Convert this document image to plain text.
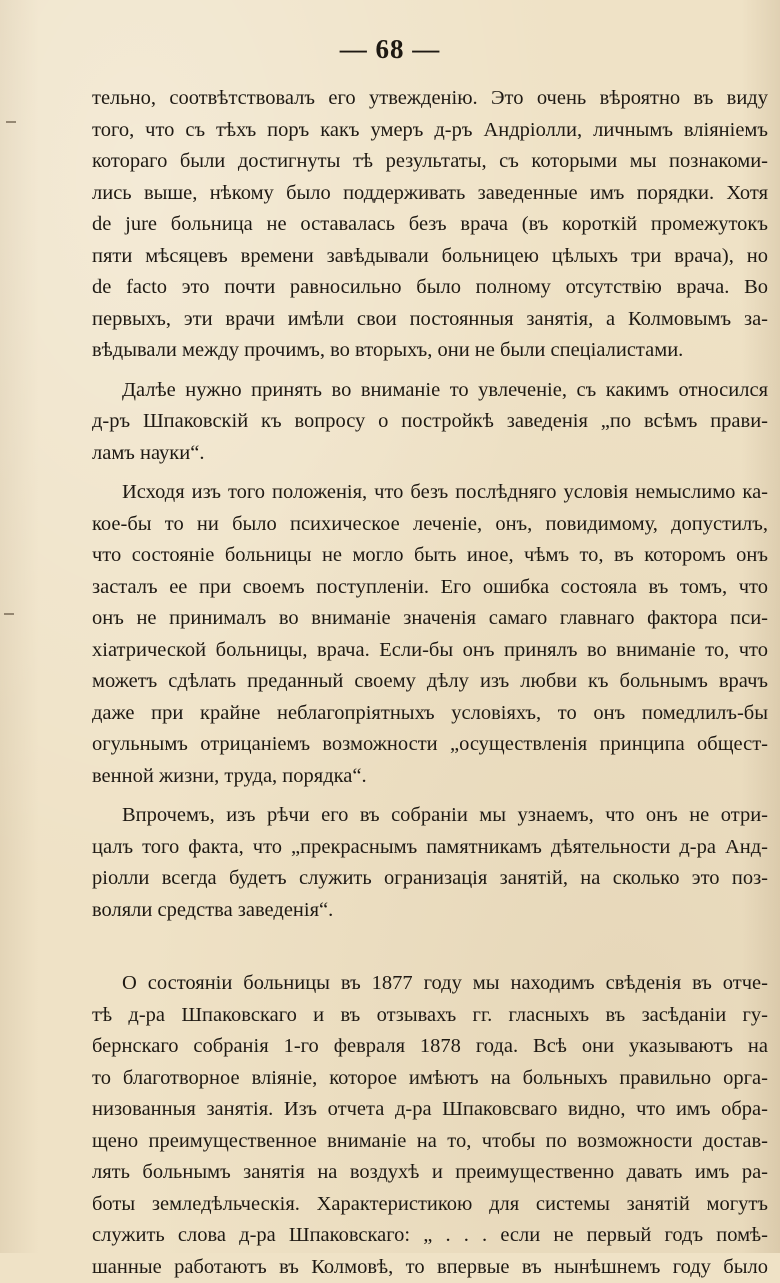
— 68 —

тельно, соотвѣтствовалъ его утвежденію. Это очень вѣроятно въ виду
того, что съ тѣхъ поръ какъ умеръ д-ръ Андріолли, личнымъ вліяніемъ
котораго были достигнуты тѣ результаты, съ которыми мы познакоми-
лись выше, нѣкому было поддерживать заведенные имъ порядки. Хотя
de jure больница не оставалась безъ врача (въ короткій промежутокъ
пяти мѣсяцевъ времени завѣдывали больницею цѣлыхъ три врача), но
de facto это почти равносильно было полному отсутствію врача. Во
первыхъ, эти врачи имѣли свои постоянныя занятія, а Колмовымъ за-
вѣдывали между прочимъ, во вторыхъ, они не были спеціалистами.

Далѣе нужно принять во вниманіе то увлеченіе, съ какимъ относился
д-ръ Шпаковскій къ вопросу о постройкѣ заведенія „по всѣмъ прави-
ламъ науки“.

Исходя изъ того положенія, что безъ послѣдняго условія немыслимо ка-
кое-бы то ни было психическое леченіе, онъ, повидимому, допустилъ,
что состояніе больницы не могло быть иное, чѣмъ то, въ которомъ онъ
засталъ ее при своемъ поступленіи. Его ошибка состояла въ томъ, что
онъ не принималъ во вниманіе значенія самаго главнаго фактора пси-
хіатрической больницы, врача. Если-бы онъ принялъ во вниманіе то, что
можетъ сдѣлать преданный своему дѣлу изъ любви къ больнымъ врачъ
даже при крайне неблагопріятныхъ условіяхъ, то онъ помедлилъ-бы
огульнымъ отрицаніемъ возможности „осуществленія принципа общест-
венной жизни, труда, порядка“.

Впрочемъ, изъ рѣчи его въ собраніи мы узнаемъ, что онъ не отри-
цалъ того факта, что „прекраснымъ памятникамъ дѣятельности д-ра Анд-
ріолли всегда будетъ служить огранизація занятій, на сколько это поз-
воляли средства заведенія“.

О состояніи больницы въ 1877 году мы находимъ свѣденія въ отче-
тѣ д-ра Шпаковскаго и въ отзывахъ гг. гласныхъ въ засѣданіи гу-
бернскаго собранія 1-го февраля 1878 года. Всѣ они указываютъ на
то благотворное вліяніе, которое имѣютъ на больныхъ правильно орга-
низованныя занятія. Изъ отчета д-ра Шпаковсваго видно, что имъ обра-
щено преимущественное вниманіе на то, чтобы по возможности достав-
лять больнымъ занятія на воздухѣ и преимущественно давать имъ ра-
боты земледѣльческія. Характеристикою для системы занятій могутъ
служить слова д-ра Шпаковскаго: „ . . . если не первый годъ помѣ-
шанные работаютъ въ Колмовѣ, то впервые въ нынѣшнемъ году было
